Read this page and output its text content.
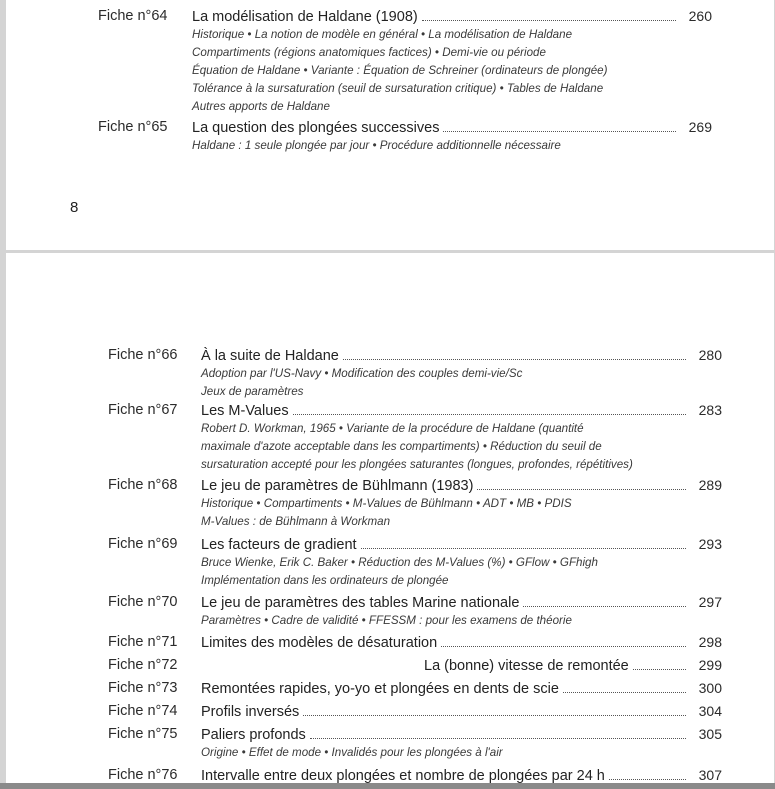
Fiche n°64 La modélisation de Haldane (1908)	260
Historique • La notion de modèle en général • La modélisation de Haldane
Compartiments (régions anatomiques factices) • Demi-vie ou période
Équation de Haldane • Variante : Équation de Schreiner (ordinateurs de plongée)
Tolérance à la sursaturation (seuil de sursaturation critique) • Tables de Haldane
Autres apports de Haldane
Fiche n°65 La question des plongées successives	269
Haldane : 1 seule plongée par jour • Procédure additionnelle nécessaire
8
Fiche n°66 À la suite de Haldane	280
Adoption par l'US-Navy • Modification des couples demi-vie/Sc
Jeux de paramètres
Fiche n°67 Les M-Values	283
Robert D. Workman, 1965 • Variante de la procédure de Haldane (quantité
maximale d'azote acceptable dans les compartiments) • Réduction du seuil de
sursaturation accepté pour les plongées saturantes (longues, profondes, répétitives)
Fiche n°68 Le jeu de paramètres de Bühlmann (1983)	289
Historique • Compartiments • M-Values de Bühlmann • ADT • MB • PDIS
M-Values : de Bühlmann à Workman
Fiche n°69 Les facteurs de gradient	293
Bruce Wienke, Erik C. Baker • Réduction des M-Values (%) • GFlow • GFhigh
Implémentation dans les ordinateurs de plongée
Fiche n°70 Le jeu de paramètres des tables Marine nationale	297
Paramètres • Cadre de validité • FFESSM : pour les examens de théorie
Fiche n°71 Limites des modèles de désaturation	298
Fiche n°72	La (bonne) vitesse de remontée	299
Fiche n°73 Remontées rapides, yo-yo et plongées en dents de scie	300
Fiche n°74 Profils inversés	304
Fiche n°75 Paliers profonds	305
Origine • Effet de mode • Invalidés pour les plongées à l'air
Fiche n°76 Intervalle entre deux plongées et nombre de plongées par 24 h	307
